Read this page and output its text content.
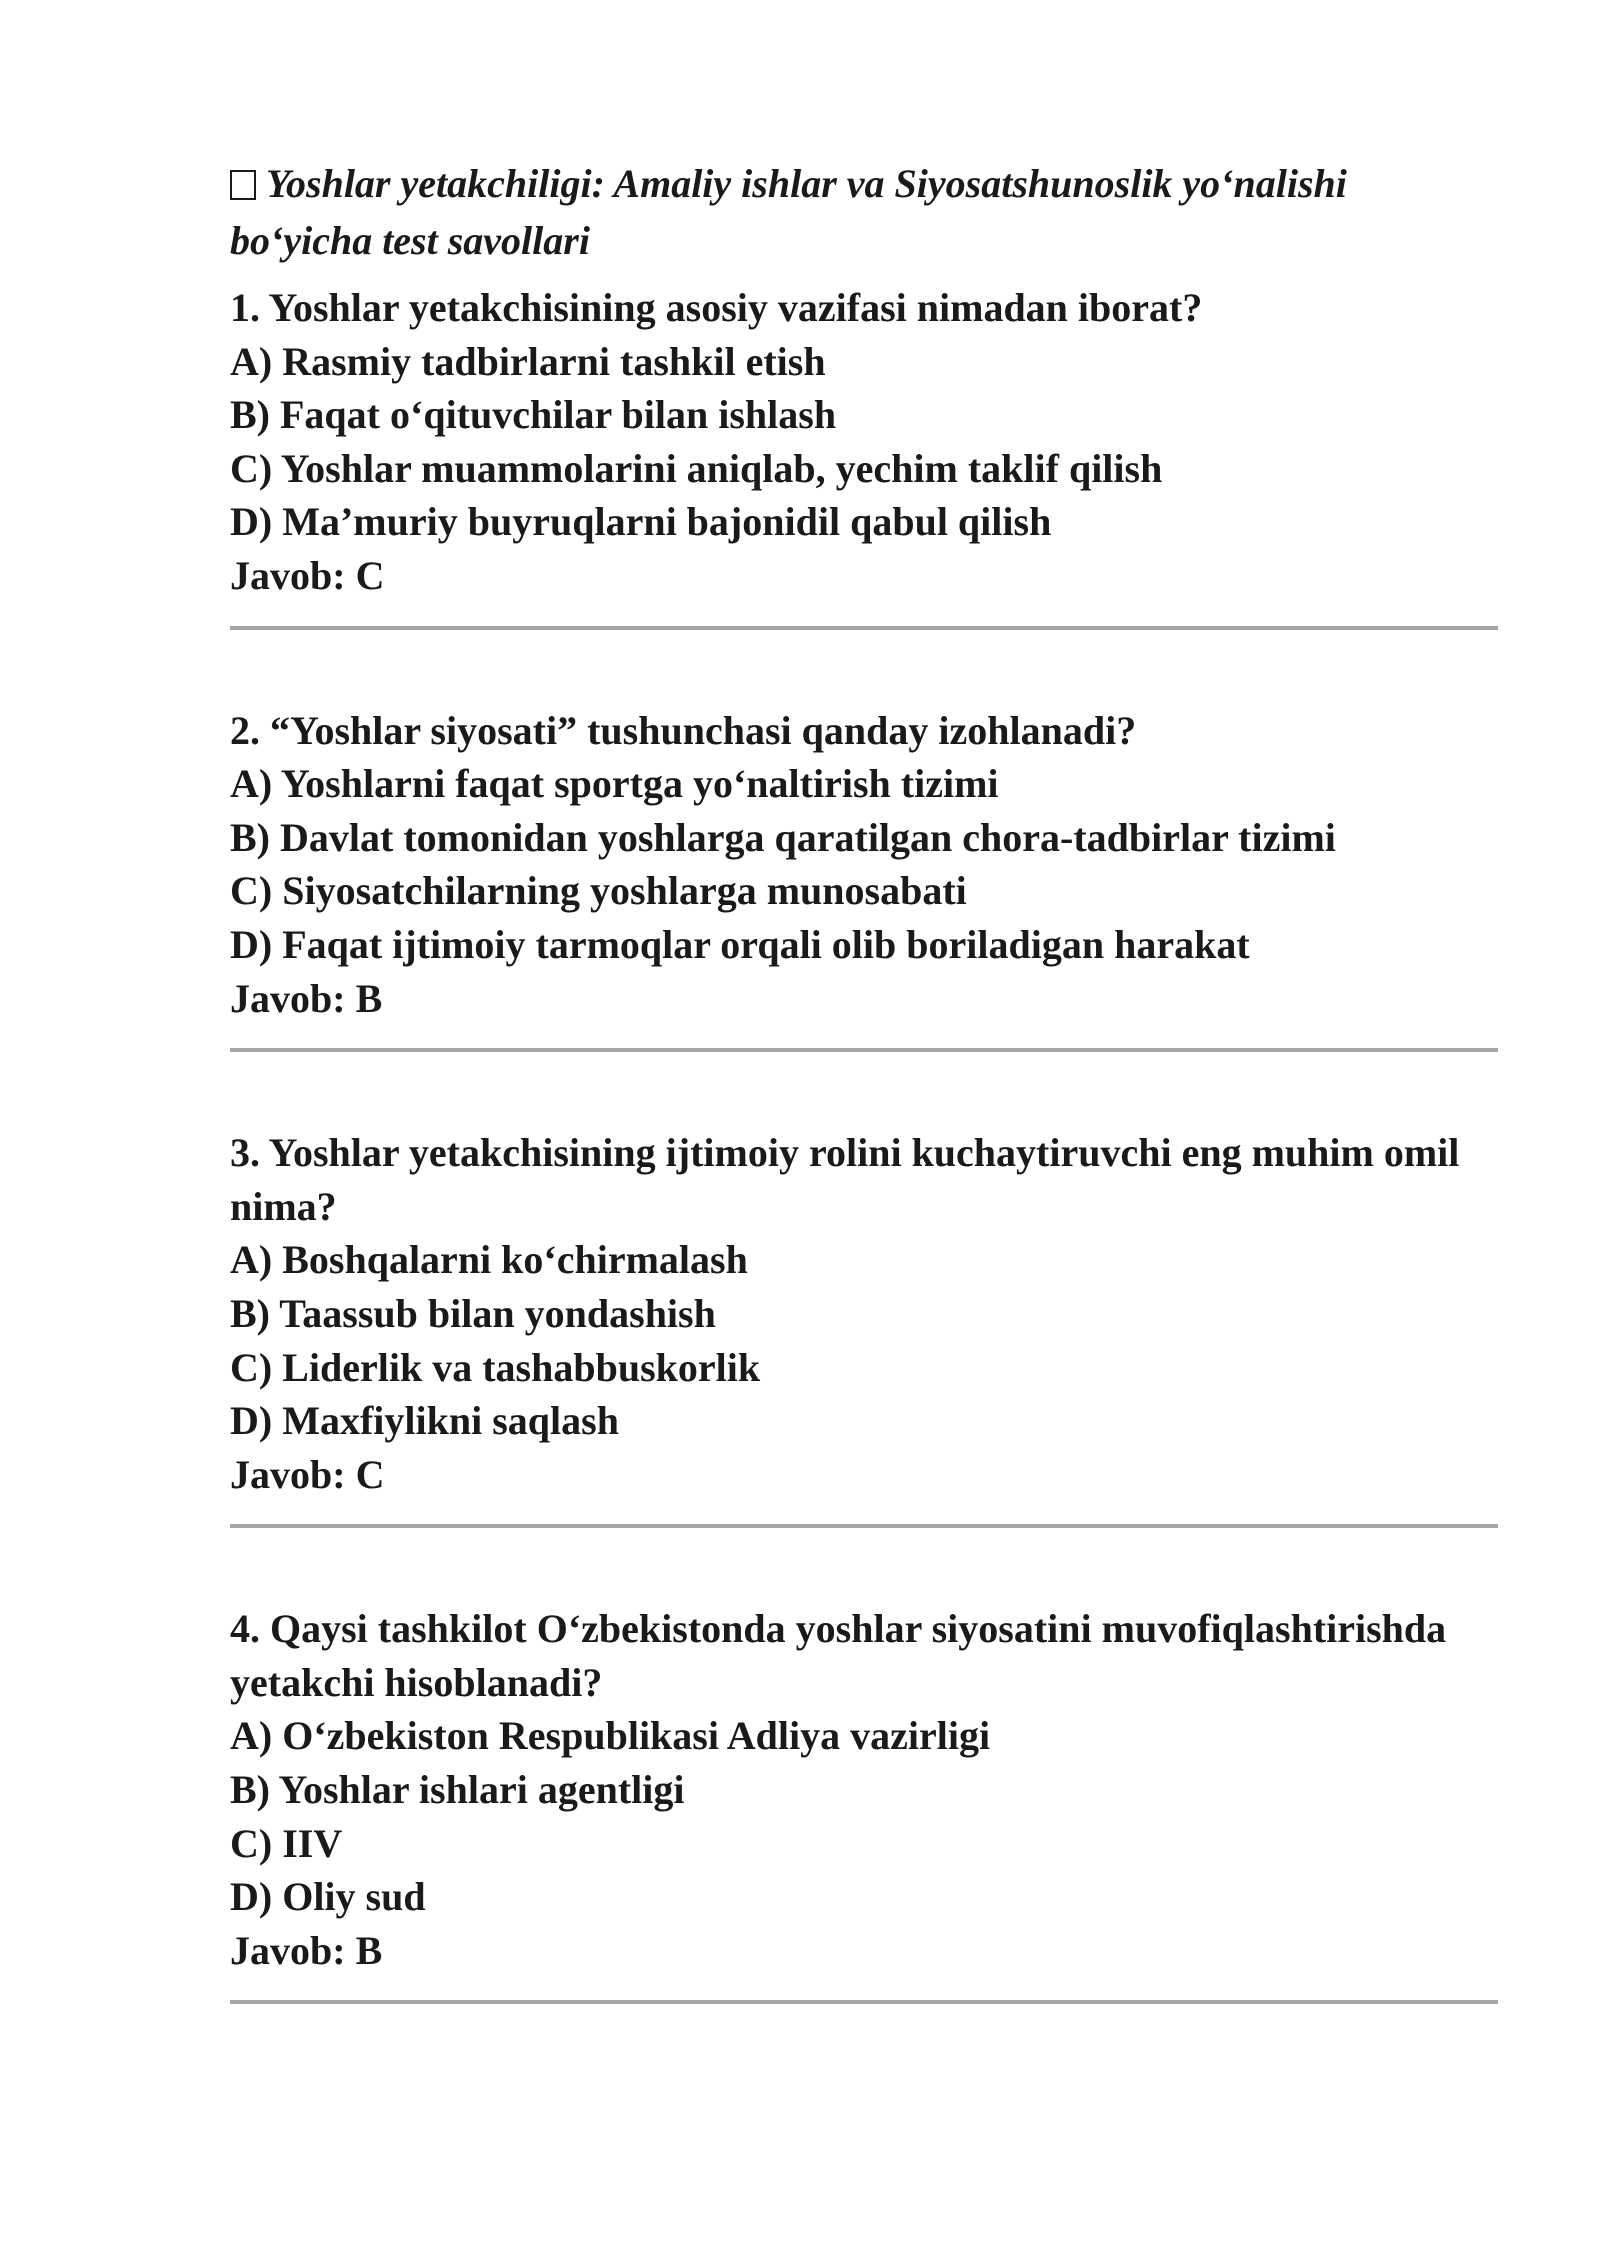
Yoshlar yetakchiligi: Amaliy ishlar va Siyosatshunoslik yo‘nalishi bo‘yicha test savollari
1. Yoshlar yetakchisining asosiy vazifasi nimadan iborat?
A) Rasmiy tadbirlarni tashkil etish
B) Faqat o‘qituvchilar bilan ishlash
C) Yoshlar muammolarini aniqlab, yechim taklif qilish
D) Ma’muriy buyruqlarni bajonidil qabul qilish
Javob: C
2. “Yoshlar siyosati” tushunchasi qanday izohlanadi?
A) Yoshlarni faqat sportga yo‘naltirish tizimi
B) Davlat tomonidan yoshlarga qaratilgan chora-tadbirlar tizimi
C) Siyosatchilarning yoshlarga munosabati
D) Faqat ijtimoiy tarmoqlar orqali olib boriladigan harakat
Javob: B
3. Yoshlar yetakchisining ijtimoiy rolini kuchaytiruvchi eng muhim omil nima?
A) Boshqalarni ko‘chirmalash
B) Taassub bilan yondashish
C) Liderlik va tashabbuskorlik
D) Maxfiylikni saqlash
Javob: C
4. Qaysi tashkilot O‘zbekistonda yoshlar siyosatini muvofiqlashtirishda yetakchi hisoblanadi?
A) O‘zbekiston Respublikasi Adliya vazirligi
B) Yoshlar ishlari agentligi
C) IIV
D) Oliy sud
Javob: B
